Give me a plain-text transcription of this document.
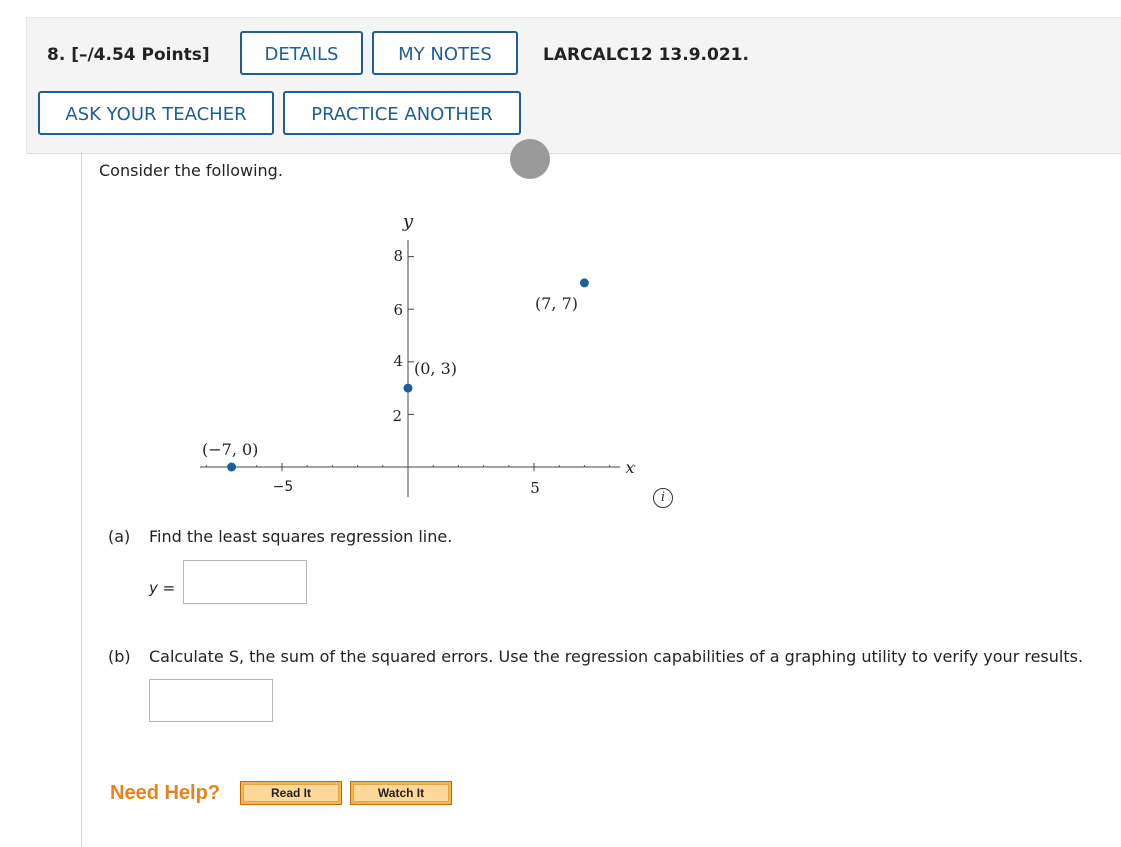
8. [–/4.54 Points]	DETAILS	MY NOTES	LARCALC12 13.9.021.
ASK YOUR TEACHER	PRACTICE ANOTHER
Consider the following.
x
y
−5	5
2
4
6
8
(−7, 0)
(0, 3)
(7, 7)
i
(a) Find the least squares regression line.
y =
(b) Calculate S, the sum of the squared errors. Use the regression capabilities of a graphing utility to verify your results.
Need Help?	Read It	Watch It
